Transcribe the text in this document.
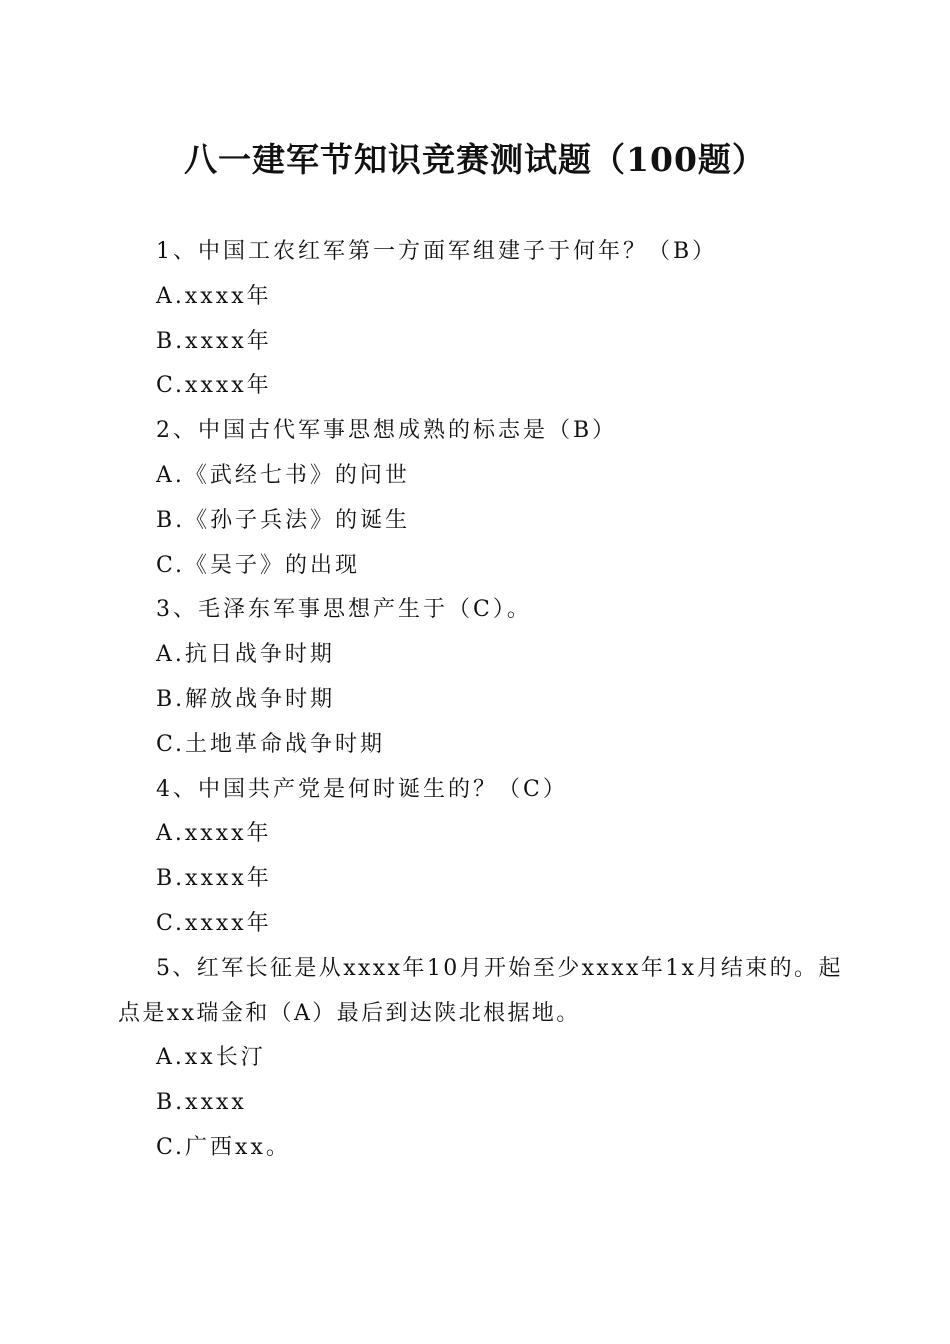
八一建军节知识竞赛测试题（100题）

1、中国工农红军第一方面军组建子于何年？（B）

A.xxxx年

B.xxxx年

C.xxxx年

2、中国古代军事思想成熟的标志是（B）

A.《武经七书》的问世

B.《孙子兵法》的诞生

C.《吴子》的出现

3、毛泽东军事思想产生于（C）。

A.抗日战争时期

B.解放战争时期

C.土地革命战争时期

4、中国共产党是何时诞生的？（C）

A.xxxx年

B.xxxx年

C.xxxx年

5、红军长征是从xxxx年10月开始至少xxxx年1x月结束的。起点是xx瑞金和（A）最后到达陕北根据地。

A.xx长汀

B.xxxx

C.广西xx。
